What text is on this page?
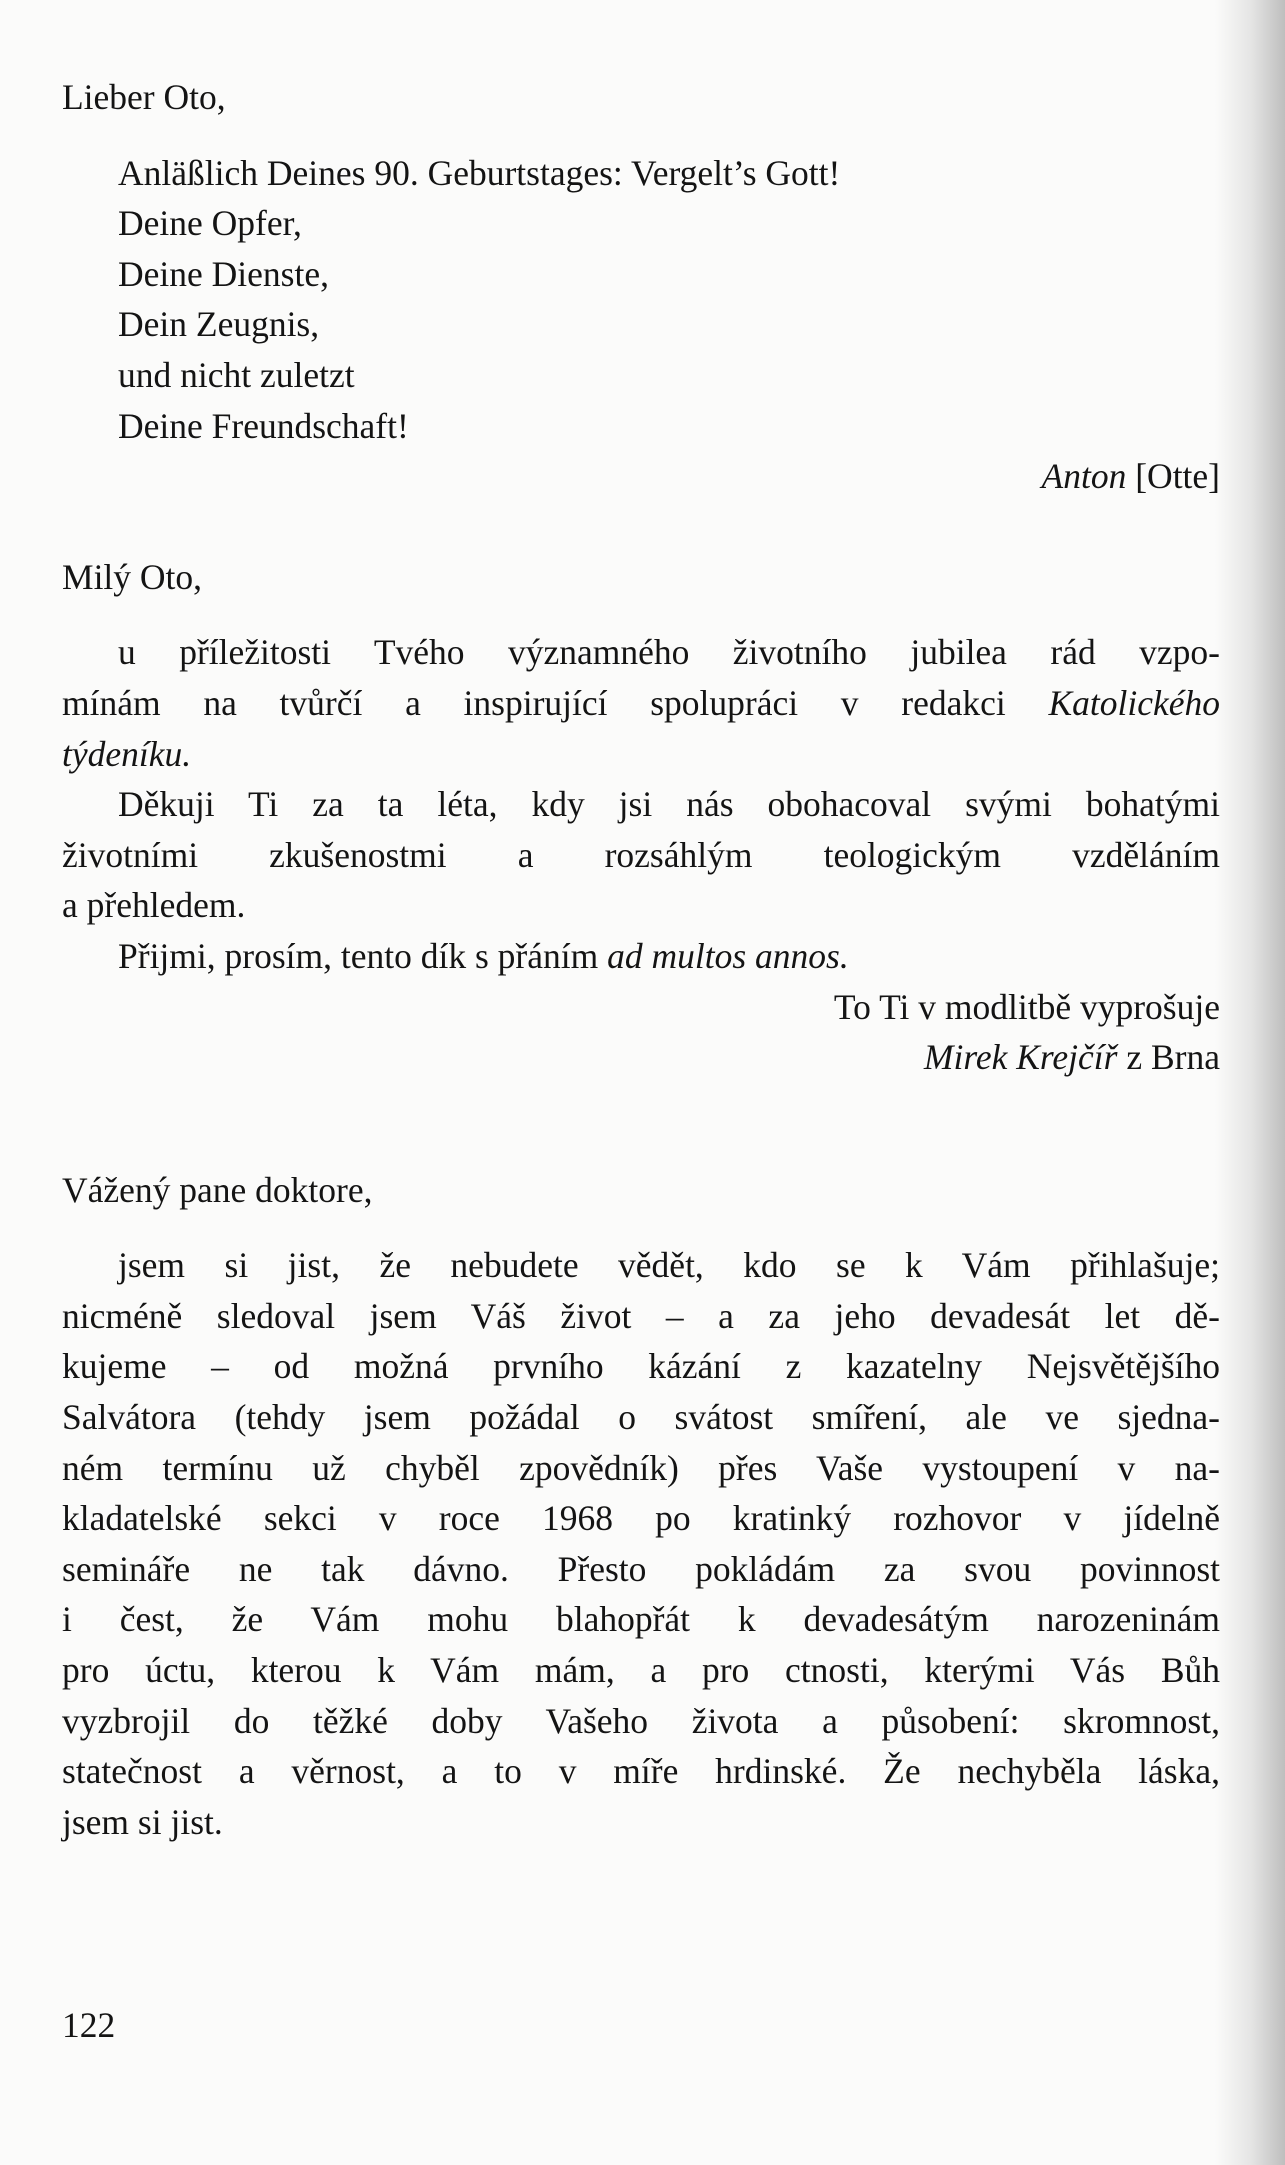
Lieber Oto,

Anläßlich Deines 90. Geburtstages: Vergelt’s Gott!

Deine Opfer,

Deine Dienste,

Dein Zeugnis,

und nicht zuletzt

Deine Freundschaft!

Anton [Otte]

Milý Oto,

u příležitosti Tvého významného životního jubilea rád vzpo-
mínám na tvůrčí a inspirující spolupráci v redakci Katolického
týdeníku.
Děkuji Ti za ta léta, kdy jsi nás obohacoval svými bohatými
životními zkušenostmi a rozsáhlým teologickým vzděláním
a přehledem.
Přijmi, prosím, tento dík s přáním ad multos annos.
To Ti v modlitbě vyprošuje
Mirek Krejčíř z Brna

Vážený pane doktore,

jsem si jist, že nebudete vědět, kdo se k Vám přihlašuje;
nicméně sledoval jsem Váš život – a za jeho devadesát let dě-
kujeme – od možná prvního kázání z kazatelny Nejsvětějšího
Salvátora (tehdy jsem požádal o svátost smíření, ale ve sjedna-
ném termínu už chyběl zpovědník) přes Vaše vystoupení v na-
kladatelské sekci v roce 1968 po kratinký rozhovor v jídelně
semináře ne tak dávno. Přesto pokládám za svou povinnost
i čest, že Vám mohu blahopřát k devadesátým narozeninám
pro úctu, kterou k Vám mám, a pro ctnosti, kterými Vás Bůh
vyzbrojil do těžké doby Vašeho života a působení: skromnost,
statečnost a věrnost, a to v míře hrdinské. Že nechyběla láska,
jsem si jist.
122
